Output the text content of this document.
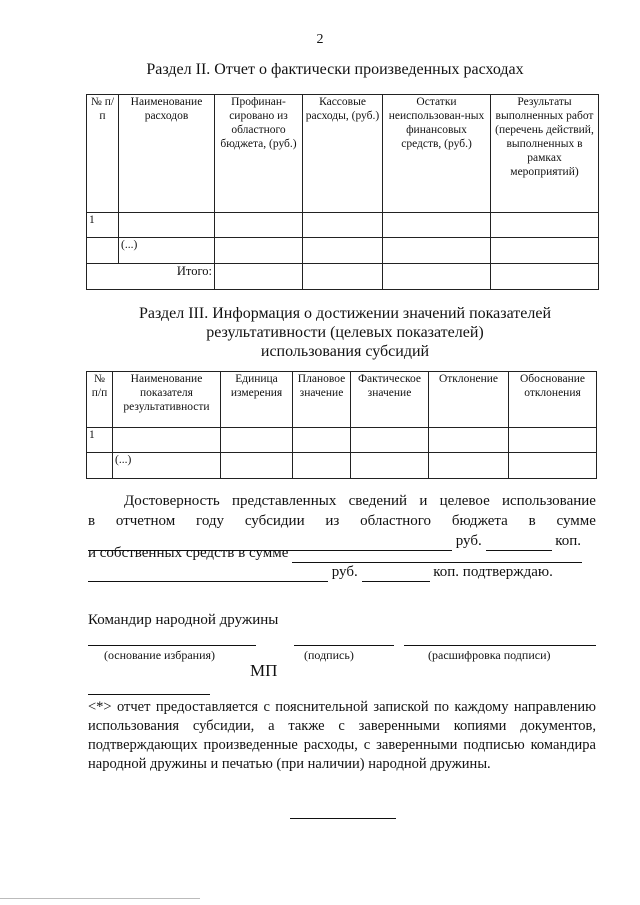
2
Раздел II. Отчет о фактически произведенных расходах
№ п/п	Наименование расходов	Профинан-сировано из областного бюджета, (руб.)	Кассовые расходы, (руб.)	Остатки неиспользован-ных финансовых средств, (руб.)	Результаты выполненных работ (перечень действий, выполненных в рамках мероприятий)
1					
	(...)				
Итого:					
Раздел III. Информация о достижении значений показателей
результативности (целевых показателей)
использования субсидий
№ п/п	Наименование показателя результативности	Единица измерения	Плановое значение	Фактическое значение	Отклонение	Обоснование отклонения
1						
	(...)					
Достоверность представленных сведений и целевое использование
в отчетном году субсидии из областного бюджета в сумме
руб.	коп.
и собственных средств в сумме
руб.	коп. подтверждаю.
Командир народной дружины
(основание избрания)	(подпись)	(расшифровка подписи)
МП
<*> отчет предоставляется с пояснительной запиской по каждому направлению использования субсидии, а также с заверенными копиями документов, подтверждающих произведенные расходы, с заверенными подписью командира народной дружины и печатью (при наличии) народной дружины.
